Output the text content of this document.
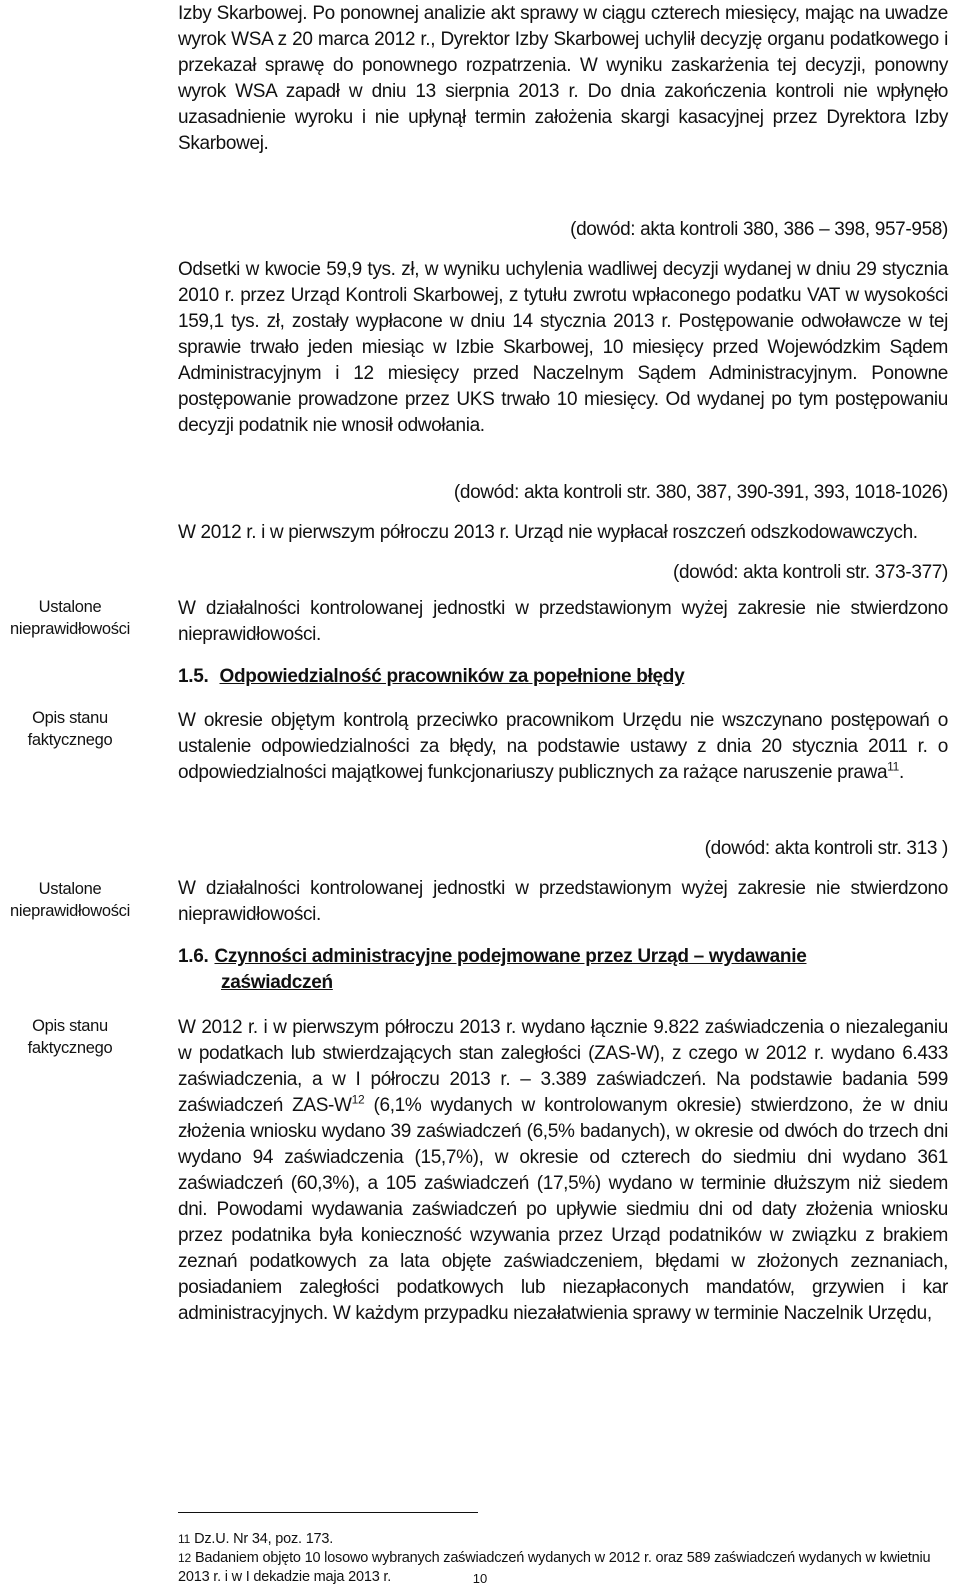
Ustalone
nieprawidłowości
Opis stanu
faktycznego
Ustalone
nieprawidłowości
Opis stanu
faktycznego

Izby Skarbowej. Po ponownej analizie akt sprawy w ciągu czterech miesięcy, mając na uwadze wyrok WSA z 20 marca 2012 r., Dyrektor Izby Skarbowej uchylił decyzję organu podatkowego i przekazał sprawę do ponownego rozpatrzenia. W wyniku zaskarżenia tej decyzji, ponowny wyrok WSA zapadł w dniu 13 sierpnia 2013 r. Do dnia zakończenia kontroli nie wpłynęło uzasadnienie wyroku i nie upłynął termin założenia skargi kasacyjnej przez Dyrektora Izby Skarbowej.

(dowód: akta kontroli 380, 386 – 398, 957-958)

Odsetki w kwocie 59,9 tys. zł, w wyniku uchylenia wadliwej decyzji wydanej w dniu 29 stycznia 2010 r. przez Urząd Kontroli Skarbowej, z tytułu zwrotu wpłaconego podatku VAT w wysokości 159,1 tys. zł, zostały wypłacone w dniu 14 stycznia 2013 r. Postępowanie odwoławcze w tej sprawie trwało jeden miesiąc w Izbie Skarbowej, 10 miesięcy przed Wojewódzkim Sądem Administracyjnym i 12 miesięcy przed Naczelnym Sądem Administracyjnym. Ponowne postępowanie prowadzone przez UKS trwało 10 miesięcy. Od wydanej po tym postępowaniu decyzji podatnik nie wnosił odwołania.

(dowód: akta kontroli str. 380, 387, 390-391, 393, 1018-1026)

W 2012 r. i w pierwszym półroczu 2013 r. Urząd nie wypłacał roszczeń odszkodowawczych.

(dowód: akta kontroli str. 373-377)

W działalności kontrolowanej jednostki w przedstawionym wyżej zakresie nie stwierdzono nieprawidłowości.

1.5. Odpowiedzialność pracowników za popełnione błędy

W okresie objętym kontrolą przeciwko pracownikom Urzędu nie wszczynano postępowań o ustalenie odpowiedzialności za błędy, na podstawie ustawy z dnia 20 stycznia 2011 r. o odpowiedzialności majątkowej funkcjonariuszy publicznych za rażące naruszenie prawa$^{11}$.

(dowód: akta kontroli str. 313 )

W działalności kontrolowanej jednostki w przedstawionym wyżej zakresie nie stwierdzono nieprawidłowości.

1.6. Czynności administracyjne podejmowane przez Urząd – wydawanie
zaświadczeń

W 2012 r. i w pierwszym półroczu 2013 r. wydano łącznie 9.822 zaświadczenia o niezaleganiu w podatkach lub stwierdzających stan zaległości (ZAS-W), z czego w 2012 r. wydano 6.433 zaświadczenia, a w I półroczu 2013 r. – 3.389 zaświadczeń. Na podstawie badania 599 zaświadczeń ZAS-$W^{12}$ (6,1% wydanych w kontrolowanym okresie) stwierdzono, że w dniu złożenia wniosku wydano 39 zaświadczeń (6,5% badanych), w okresie od dwóch do trzech dni wydano 94 zaświadczenia (15,7%), w okresie od czterech do siedmiu dni wydano 361 zaświadczeń (60,3%), a 105 zaświadczeń (17,5%) wydano w terminie dłuższym niż siedem dni. Powodami wydawania zaświadczeń po upływie siedmiu dni od daty złożenia wniosku przez podatnika była konieczność wzywania przez Urząd podatników w związku z brakiem zeznań podatkowych za lata objęte zaświadczeniem, błędami w złożonych zeznaniach, posiadaniem zaległości podatkowych lub niezapłaconych mandatów, grzywien i kar administracyjnych. W każdym przypadku niezałatwienia sprawy w terminie Naczelnik Urzędu,

$^{11}$ Dz.U. Nr 34, poz. 173.
$^{12}$ Badaniem objęto 10 losowo wybranych zaświadczeń wydanych w 2012 r. oraz 589 zaświadczeń wydanych w kwietniu 2013 r. i w I dekadzie maja 2013 r.	10
